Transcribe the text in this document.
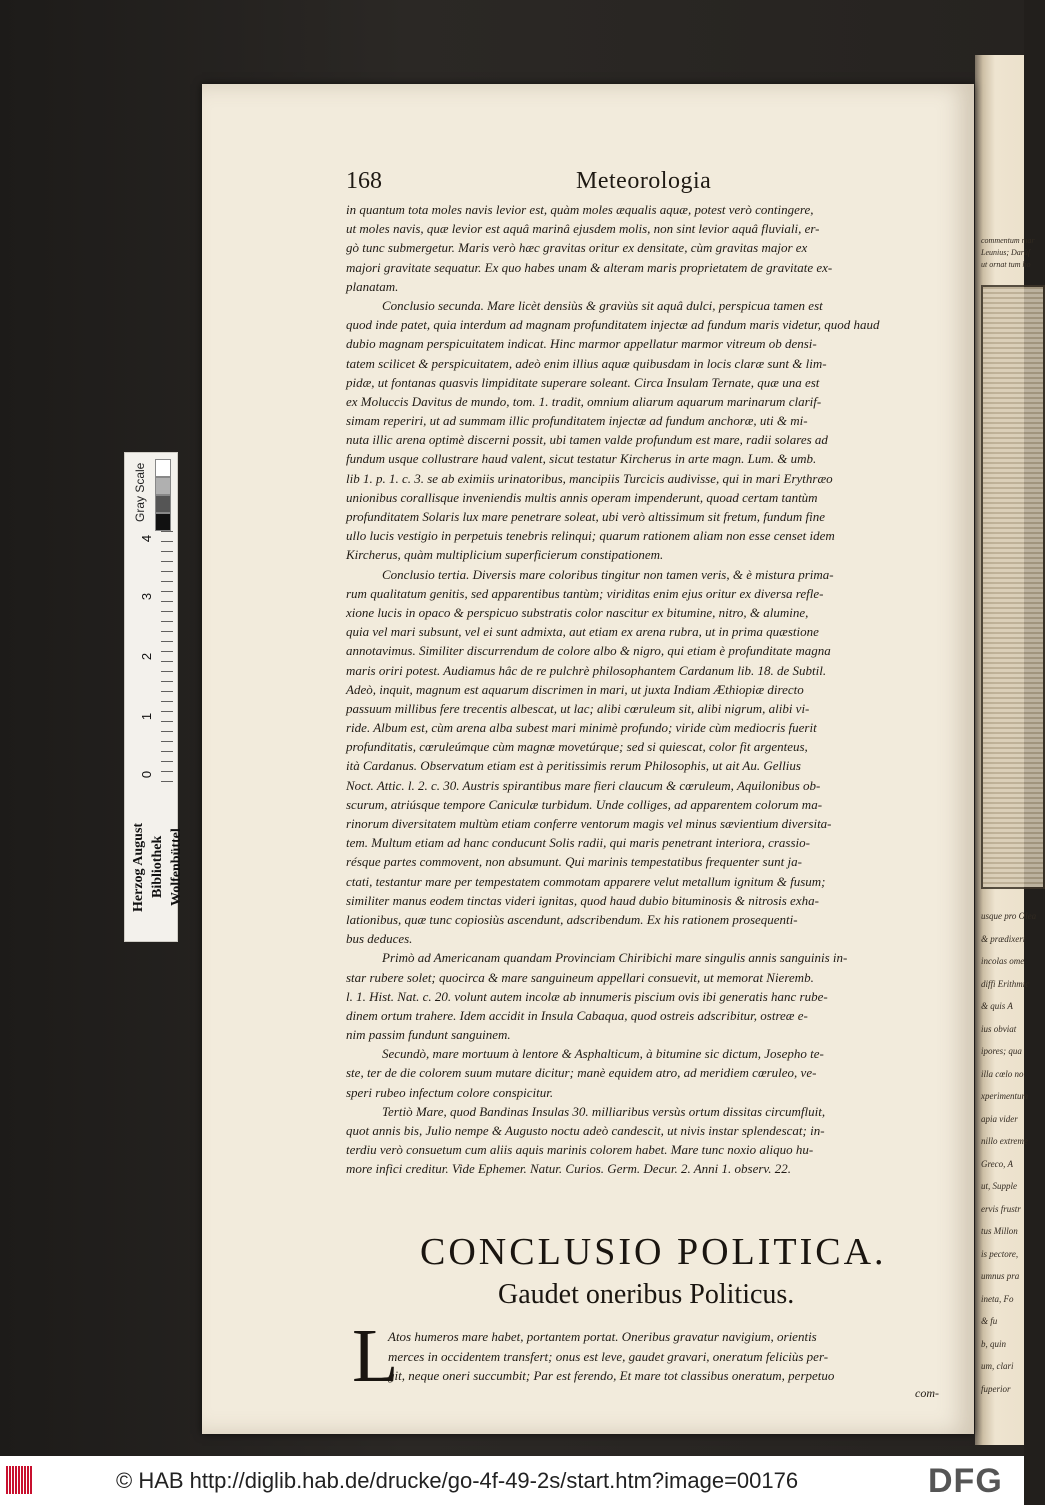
Gray Scale
4
3
2
1
0
Herzog August Bibliothek Wolfenbüttel
commentum mar
Leunius; Darùſ
ut ornat tum ho
usque pro Olea
& prædixeri
incolas ome
diffi Erithmic
& quis A
ius obviat
ipores; qua
illa cœlo no
xperimentum
apia vider
nillo extreme
Greco, A
ut, Supple
ervis frustr
tus Millon
is pectore,
umnus pra
ineta, Fo
& fu
b, quin
um, clari
fuperior
168	Meteorologia
in quantum tota moles navis levior est, quàm moles æqualis aquæ, potest verò contingere,
ut moles navis, quæ levior est aquâ marinâ ejusdem molis, non sint levior aquâ fluviali, er-
gò tunc submergetur. Maris verò hæc gravitas oritur ex densitate, cùm gravitas major ex
majori gravitate sequatur. Ex quo habes unam & alteram maris proprietatem de gravitate ex-
planatam.
Conclusio secunda. Mare licèt densiùs & graviùs sit aquâ dulci, perspicua tamen est
quod inde patet, quia interdum ad magnam profunditatem injectæ ad fundum maris videtur, quod haud
dubio magnam perspicuitatem indicat. Hinc marmor appellatur marmor vitreum ob densi-
tatem scilicet & perspicuitatem, adeò enim illius aquæ quibusdam in locis claræ sunt & lim-
pidæ, ut fontanas quasvis limpiditate superare soleant. Circa Insulam Ternate, quæ una est
ex Moluccis Davitus de mundo, tom. 1. tradit, omnium aliarum aquarum marinarum clarif-
simam reperiri, ut ad summam illic profunditatem injectæ ad fundum anchoræ, uti & mi-
nuta illic arena optimè discerni possit, ubi tamen valde profundum est mare, radii solares ad
fundum usque collustrare haud valent, sicut testatur Kircherus in arte magn. Lum. & umb.
lib 1. p. 1. c. 3. se ab eximiis urinatoribus, mancipiis Turcicis audivisse, qui in mari Erythræo
unionibus corallisque inveniendis multis annis operam impenderunt, quoad certam tantùm
profunditatem Solaris lux mare penetrare soleat, ubi verò altissimum sit fretum, fundum fine
ullo lucis vestigio in perpetuis tenebris relinqui; quarum rationem aliam non esse censet idem
Kircherus, quàm multiplicium superficierum constipationem.
Conclusio tertia. Diversis mare coloribus tingitur non tamen veris, & è mistura prima-
rum qualitatum genitis, sed apparentibus tantùm; viriditas enim ejus oritur ex diversa refle-
xione lucis in opaco & perspicuo substratis color nascitur ex bitumine, nitro, & alumine,
quia vel mari subsunt, vel ei sunt admixta, aut etiam ex arena rubra, ut in prima quæstione
annotavimus. Similiter discurrendum de colore albo & nigro, qui etiam è profunditate magna
maris oriri potest. Audiamus hâc de re pulchrè philosophantem Cardanum lib. 18. de Subtil.
Adeò, inquit, magnum est aquarum discrimen in mari, ut juxta Indiam Æthiopiæ directo
passuum millibus fere trecentis albescat, ut lac; alibi cœruleum sit, alibi nigrum, alibi vi-
ride. Album est, cùm arena alba subest mari minimè profundo; viride cùm mediocris fuerit
profunditatis, cœruleúmque cùm magnæ movetúrque; sed si quiescat, color fit argenteus,
ità Cardanus. Observatum etiam est à peritissimis rerum Philosophis, ut ait Au. Gellius
Noct. Attic. l. 2. c. 30. Austris spirantibus mare fieri claucum & cœruleum, Aquilonibus ob-
scurum, atriúsque tempore Caniculæ turbidum. Unde colliges, ad apparentem colorum ma-
rinorum diversitatem multùm etiam conferre ventorum magis vel minus sævientium diversita-
tem. Multum etiam ad hanc conducunt Solis radii, qui maris penetrant interiora, crassio-
résque partes commovent, non absumunt. Qui marinis tempestatibus frequenter sunt ja-
ctati, testantur mare per tempestatem commotam apparere velut metallum ignitum & fusum;
similiter manus eodem tinctas videri ignitas, quod haud dubio bituminosis & nitrosis exha-
lationibus, quæ tunc copiosiùs ascendunt, adscribendum. Ex his rationem prosequenti-
bus deduces.
Primò ad Americanam quandam Provinciam Chiribichi mare singulis annis sanguinis in-
star rubere solet; quocirca & mare sanguineum appellari consuevit, ut memorat Nieremb.
l. 1. Hist. Nat. c. 20. volunt autem incolæ ab innumeris piscium ovis ibi generatis hanc rube-
dinem ortum trahere. Idem accidit in Insula Cabaqua, quod ostreis adscribitur, ostreæ e-
nim passim fundunt sanguinem.
Secundò, mare mortuum à lentore & Asphalticum, à bitumine sic dictum, Josepho te-
ste, ter de die colorem suum mutare dicitur; manè equidem atro, ad meridiem cœruleo, ve-
speri rubeo infectum colore conspicitur.
Tertiò Mare, quod Bandinas Insulas 30. milliaribus versùs ortum dissitas circumfluit,
quot annis bis, Julio nempe & Augusto noctu adeò candescit, ut nivis instar splendescat; in-
terdiu verò consuetum cum aliis aquis marinis colorem habet. Mare tunc noxio aliquo hu-
more infici creditur. Vide Ephemer. Natur. Curios. Germ. Decur. 2. Anni 1. observ. 22.
CONCLUSIO POLITICA.
Gaudet oneribus Politicus.
L
Atos humeros mare habet, portantem portat. Oneribus gravatur navigium, orientis
merces in occidentem transfert; onus est leve, gaudet gravari, oneratum feliciùs per-
git, neque oneri succumbit; Par est ferendo, Et mare tot classibus oneratum, perpetuo
com-
© HAB http://diglib.hab.de/drucke/go-4f-49-2s/start.htm?image=00176	DFG
